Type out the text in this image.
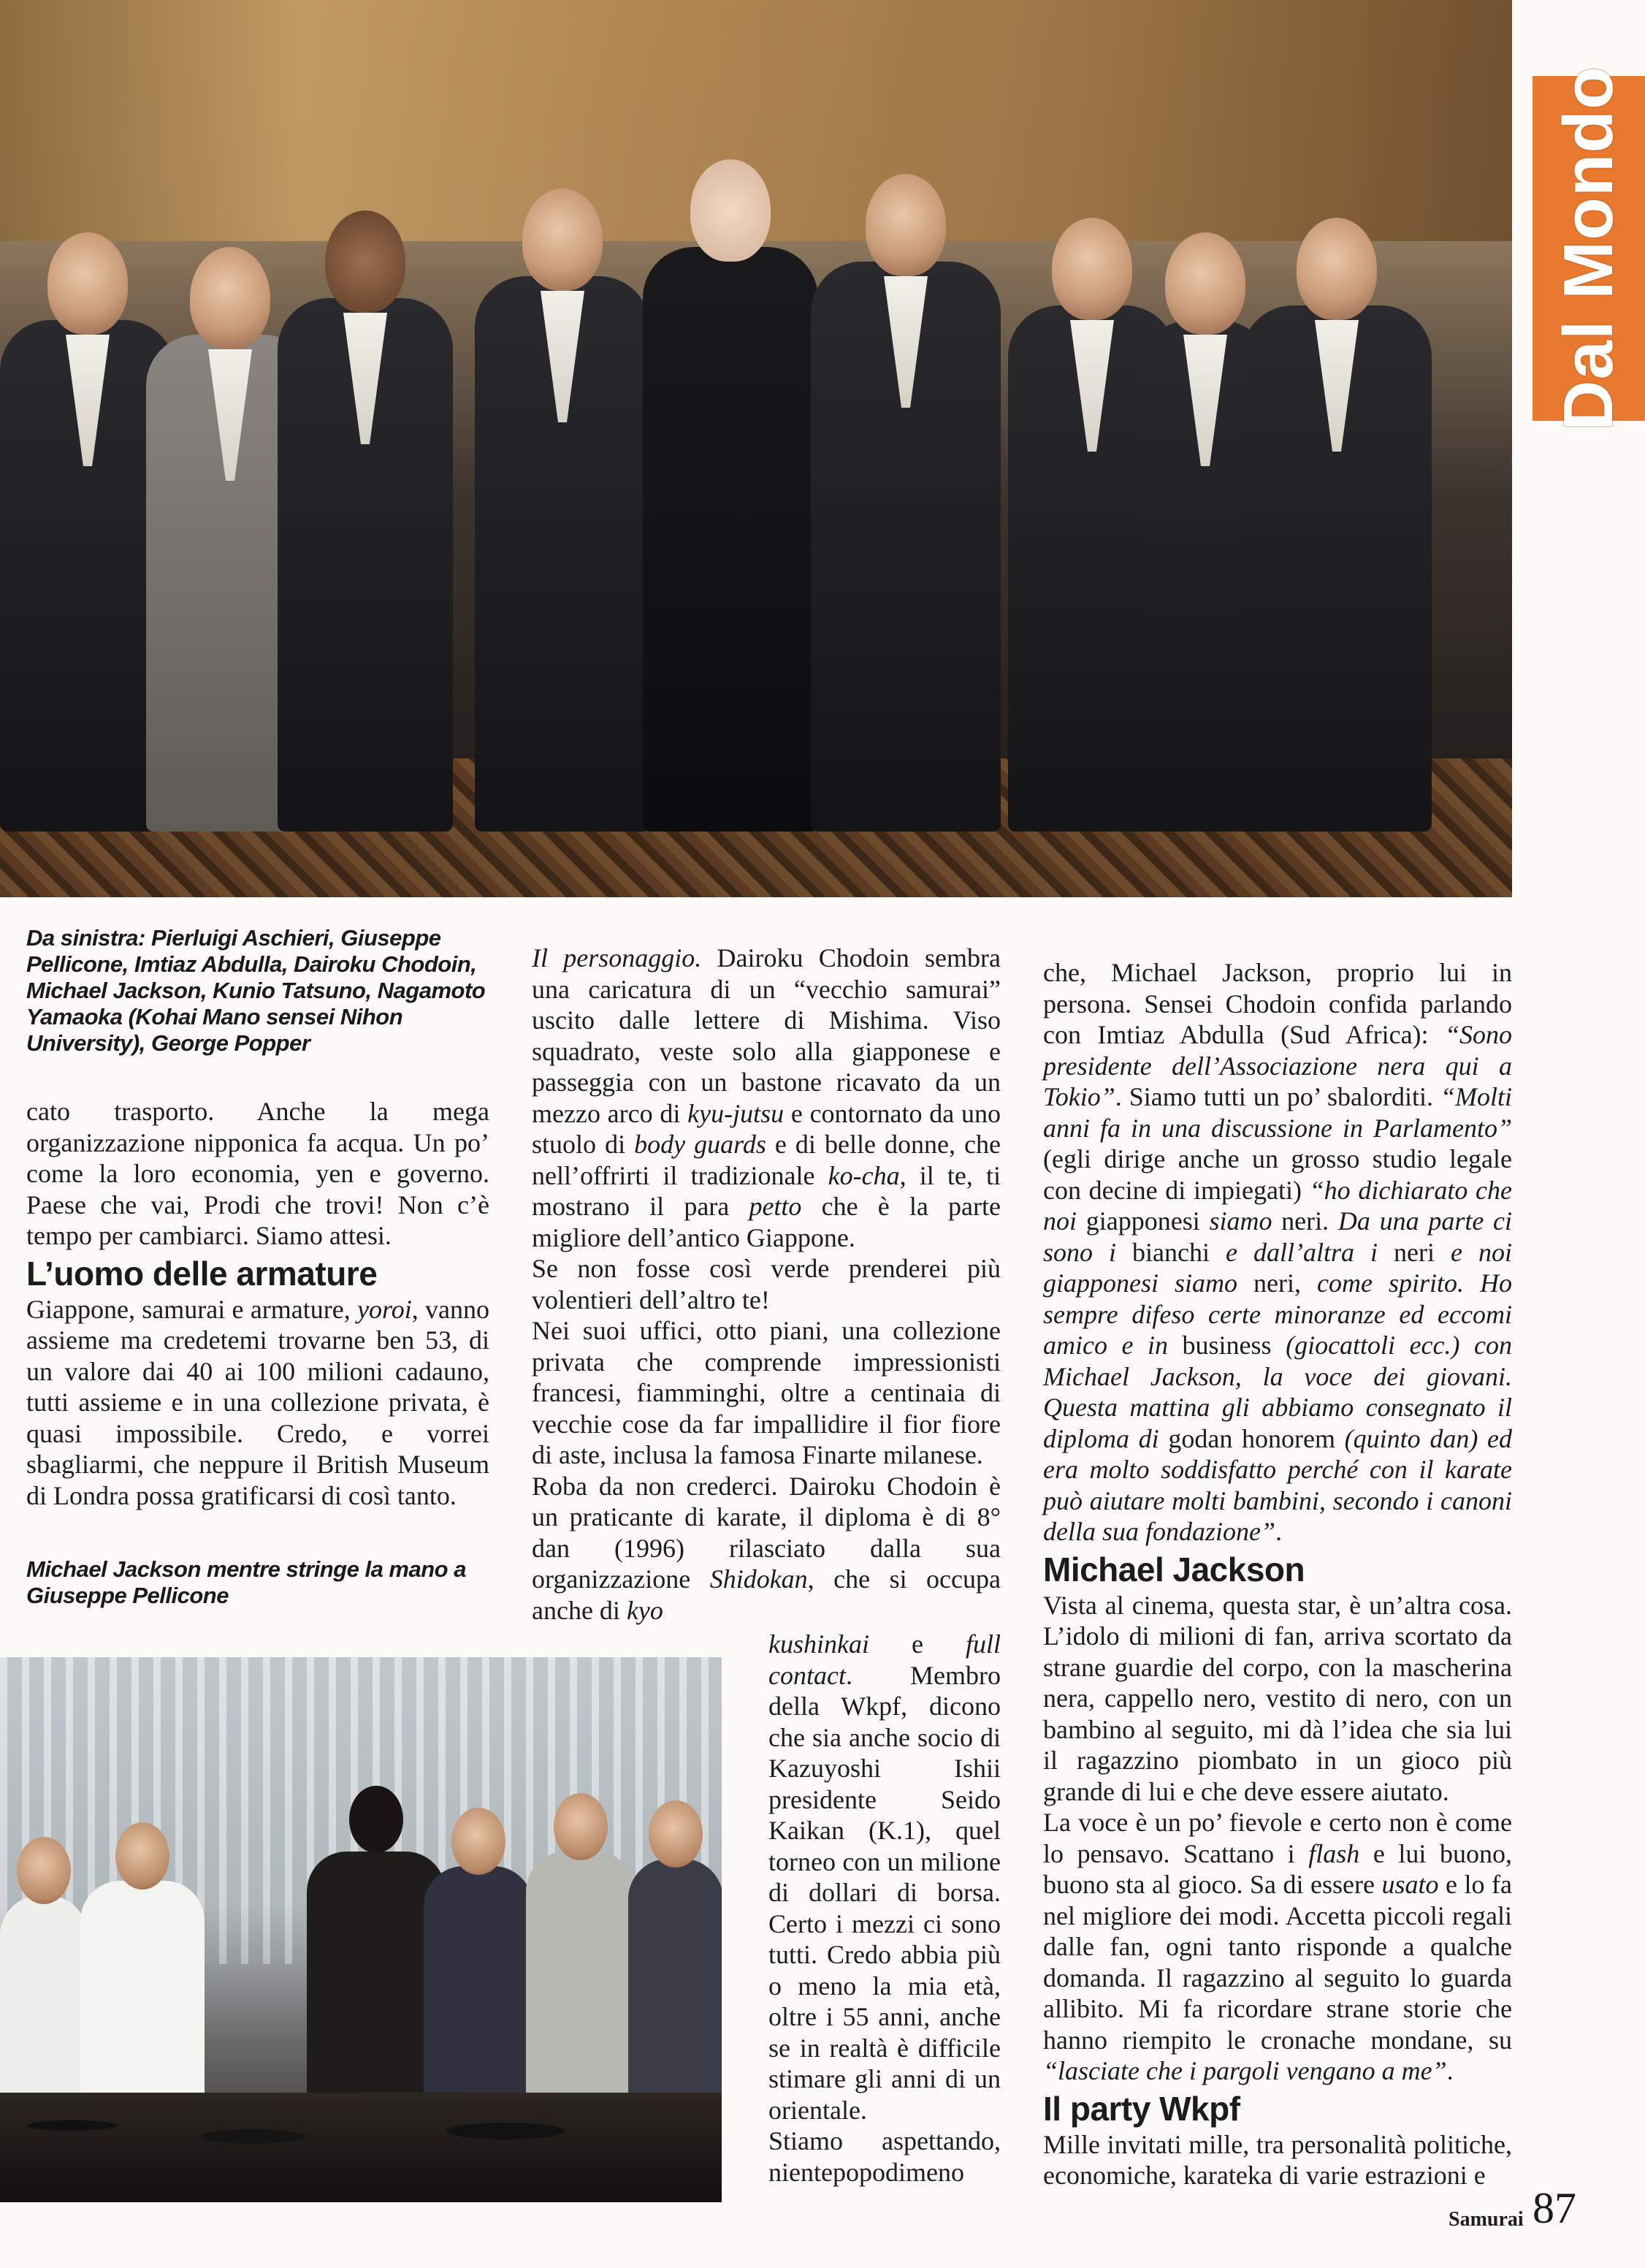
Dal Mondo
Da sinistra: Pierluigi Aschieri, Giuseppe Pellicone, Imtiaz Abdulla, Dairoku Chodoin, Michael Jackson, Kunio Tatsuno, Nagamoto Yamaoka (Kohai Mano sensei Nihon University), George Popper
Michael Jackson mentre stringe la mano a Giuseppe Pellicone

cato trasporto. Anche la mega organizzazione nipponica fa acqua. Un po’ come la loro economia, yen e governo. Paese che vai, Prodi che trovi! Non c’è tempo per cambiarci. Siamo attesi.

L’uomo delle armature

Giappone, samurai e armature, yoroi, vanno assieme ma credetemi trovarne ben 53, di un valore dai 40 ai 100 milioni cadauno, tutti assieme e in una collezione privata, è quasi impossibile. Credo, e vorrei sbagliarmi, che neppure il British Museum di Londra possa gratificarsi di così tanto.

Il personaggio. Dairoku Chodoin sembra una caricatura di un “vecchio samurai” uscito dalle lettere di Mishima. Viso squadrato, veste solo alla giapponese e passeggia con un bastone ricavato da un mezzo arco di kyu-jutsu e contornato da uno stuolo di body guards e di belle donne, che nell’offrirti il tradizionale ko-cha, il te, ti mostrano il para petto che è la parte migliore dell’antico Giappone.

Se non fosse così verde prenderei più volentieri dell’altro te!

Nei suoi uffici, otto piani, una collezione privata che comprende impressionisti francesi, fiamminghi, oltre a centinaia di vecchie cose da far impallidire il fior fiore di aste, inclusa la famosa Finarte milanese.

Roba da non crederci. Dairoku Chodoin è un praticante di karate, il diploma è di 8° dan (1996) rilasciato dalla sua organizzazione Shidokan, che si occupa anche di kyo

kushinkai e full contact. Membro della Wkpf, dicono che sia anche socio di Kazuyoshi Ishii presidente Seido Kaikan (K.1), quel torneo con un milione di dollari di borsa. Certo i mezzi ci sono tutti. Credo abbia più o meno la mia età, oltre i 55 anni, anche se in realtà è difficile stimare gli anni di un orientale.

Stiamo aspettando, nientepopodimeno

che, Michael Jackson, proprio lui in persona. Sensei Chodoin confida parlando con Imtiaz Abdulla (Sud Africa): “Sono presidente dell’Associazione nera qui a Tokio”. Siamo tutti un po’ sbalorditi. “Molti anni fa in una discussione in Parlamento” (egli dirige anche un grosso studio legale con decine di impiegati) “ho dichiarato che noi giapponesi siamo neri. Da una parte ci sono i bianchi e dall’altra i neri e noi giapponesi siamo neri, come spirito. Ho sempre difeso certe minoranze ed eccomi amico e in business (giocattoli ecc.) con Michael Jackson, la voce dei giovani. Questa mattina gli abbiamo consegnato il diploma di godan honorem (quinto dan) ed era molto soddisfatto perché con il karate può aiutare molti bambini, secondo i canoni della sua fondazione”.

Michael Jackson

Vista al cinema, questa star, è un’altra cosa. L’idolo di milioni di fan, arriva scortato da strane guardie del corpo, con la mascherina nera, cappello nero, vestito di nero, con un bambino al seguito, mi dà l’idea che sia lui il ragazzino piombato in un gioco più grande di lui e che deve essere aiutato.

La voce è un po’ fievole e certo non è come lo pensavo. Scattano i flash e lui buono, buono sta al gioco. Sa di essere usato e lo fa nel migliore dei modi. Accetta piccoli regali dalle fan, ogni tanto risponde a qualche domanda. Il ragazzino al seguito lo guarda allibito. Mi fa ricordare strane storie che hanno riempito le cronache mondane, su “lasciate che i pargoli vengano a me”.

Il party Wkpf

Mille invitati mille, tra personalità politiche, economiche, karateka di varie estrazioni e

Samurai 87
